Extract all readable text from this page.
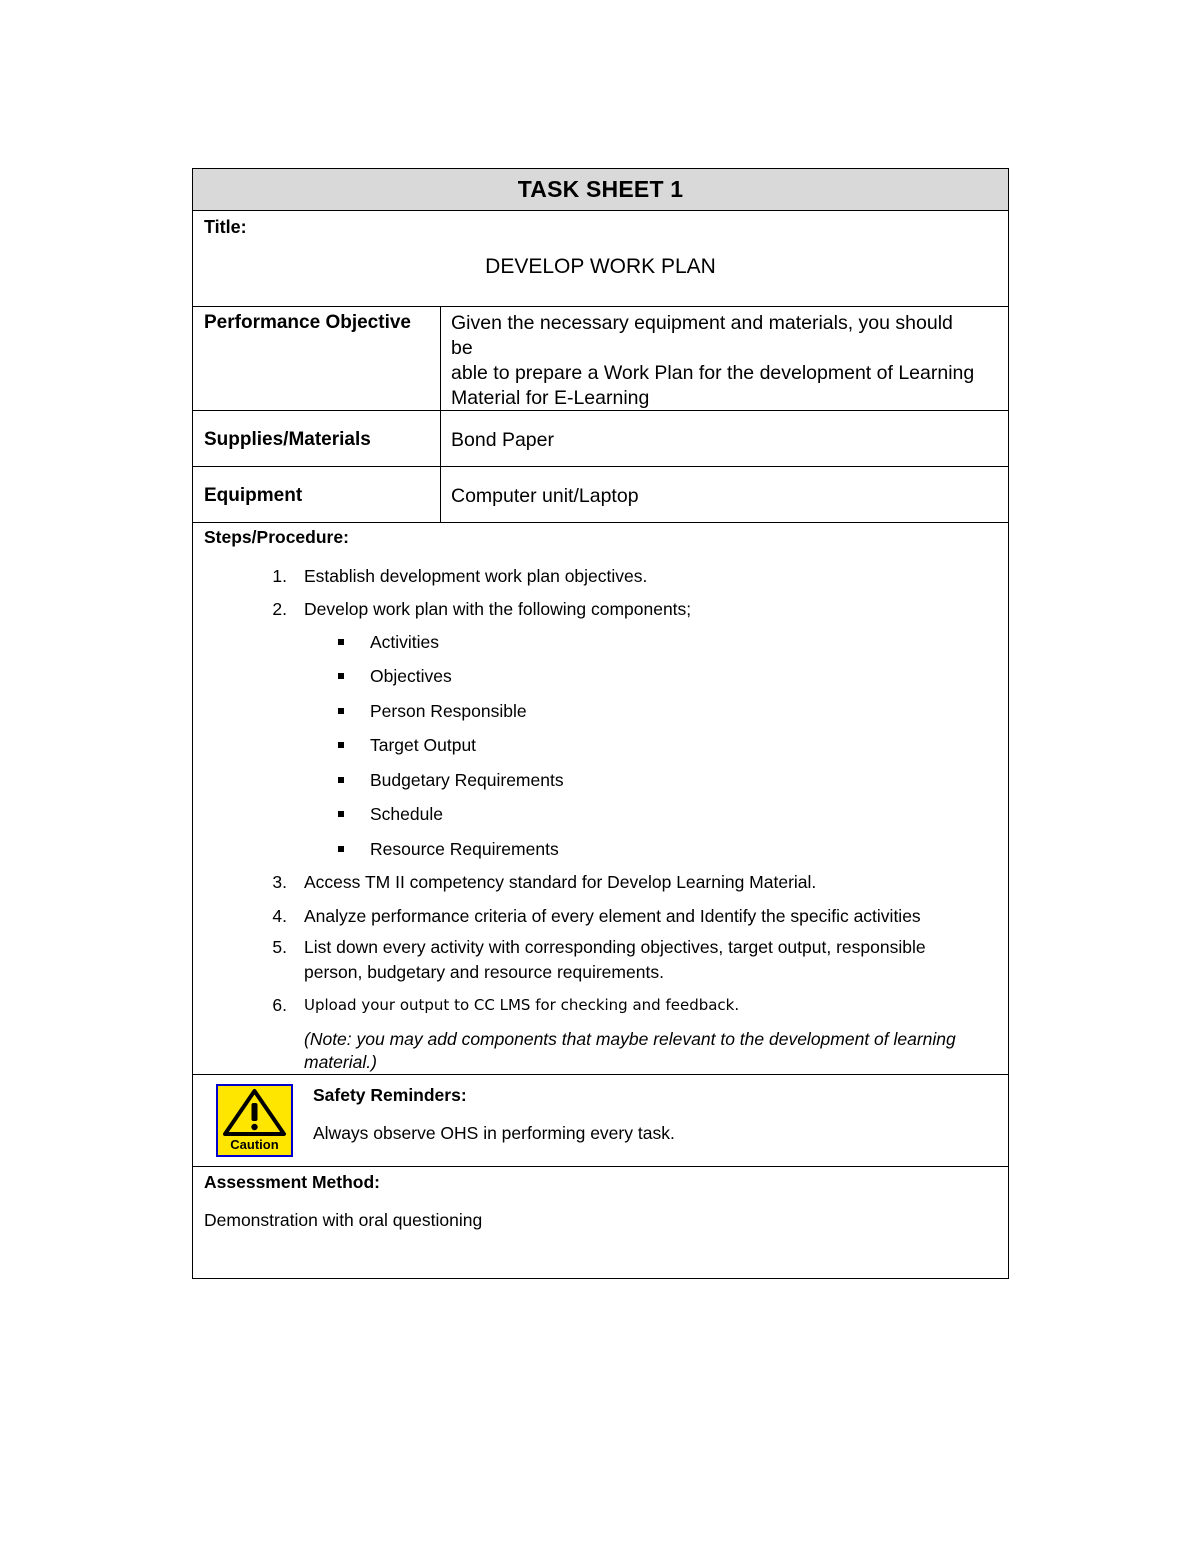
TASK SHEET 1
Title:
DEVELOP WORK PLAN
Performance Objective	Given the necessary equipment and materials, you should
be
able to prepare a Work Plan for the development of Learning
Material for E-Learning
Supplies/Materials	Bond Paper
Equipment	Computer unit/Laptop
Steps/Procedure:
1. Establish development work plan objectives.
2. Develop work plan with the following components;
Activities
Objectives
Person Responsible
Target Output
Budgetary Requirements
Schedule
Resource Requirements
3. Access TM II competency standard for Develop Learning Material.
4. Analyze performance criteria of every element and Identify the specific activities
5. List down every activity with corresponding objectives, target output, responsible
person, budgetary and resource requirements.
6. Upload your output to CC LMS for checking and feedback.
(Note: you may add components that maybe relevant to the development of learning
material.)
Caution
Safety Reminders:
Always observe OHS in performing every task.
Assessment Method:
Demonstration with oral questioning
